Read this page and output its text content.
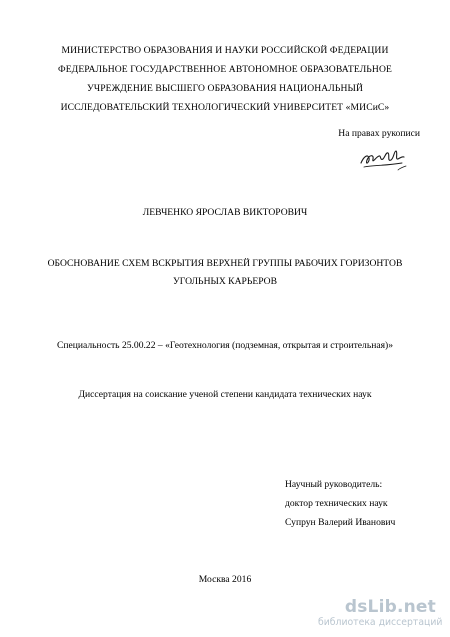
МИНИСТЕРСТВО ОБРАЗОВАНИЯ И НАУКИ РОССИЙСКОЙ ФЕДЕРАЦИИ
ФЕДЕРАЛЬНОЕ ГОСУДАРСТВЕННОЕ АВТОНОМНОЕ ОБРАЗОВАТЕЛЬНОЕ
УЧРЕЖДЕНИЕ ВЫСШЕГО ОБРАЗОВАНИЯ НАЦИОНАЛЬНЫЙ
ИССЛЕДОВАТЕЛЬСКИЙ ТЕХНОЛОГИЧЕСКИЙ УНИВЕРСИТЕТ «МИСиС»
На правах рукописи
ЛЕВЧЕНКО ЯРОСЛАВ ВИКТОРОВИЧ
ОБОСНОВАНИЕ СХЕМ ВСКРЫТИЯ ВЕРХНЕЙ ГРУППЫ РАБОЧИХ ГОРИЗОНТОВ
УГОЛЬНЫХ КАРЬЕРОВ
Специальность 25.00.22 – «Геотехнология (подземная, открытая и строительная)»
Диссертация на соискание ученой степени кандидата технических наук
Научный руководитель:
доктор технических наук
Супрун Валерий Иванович
Москва 2016
dsLib.net
библиотека диссертаций
